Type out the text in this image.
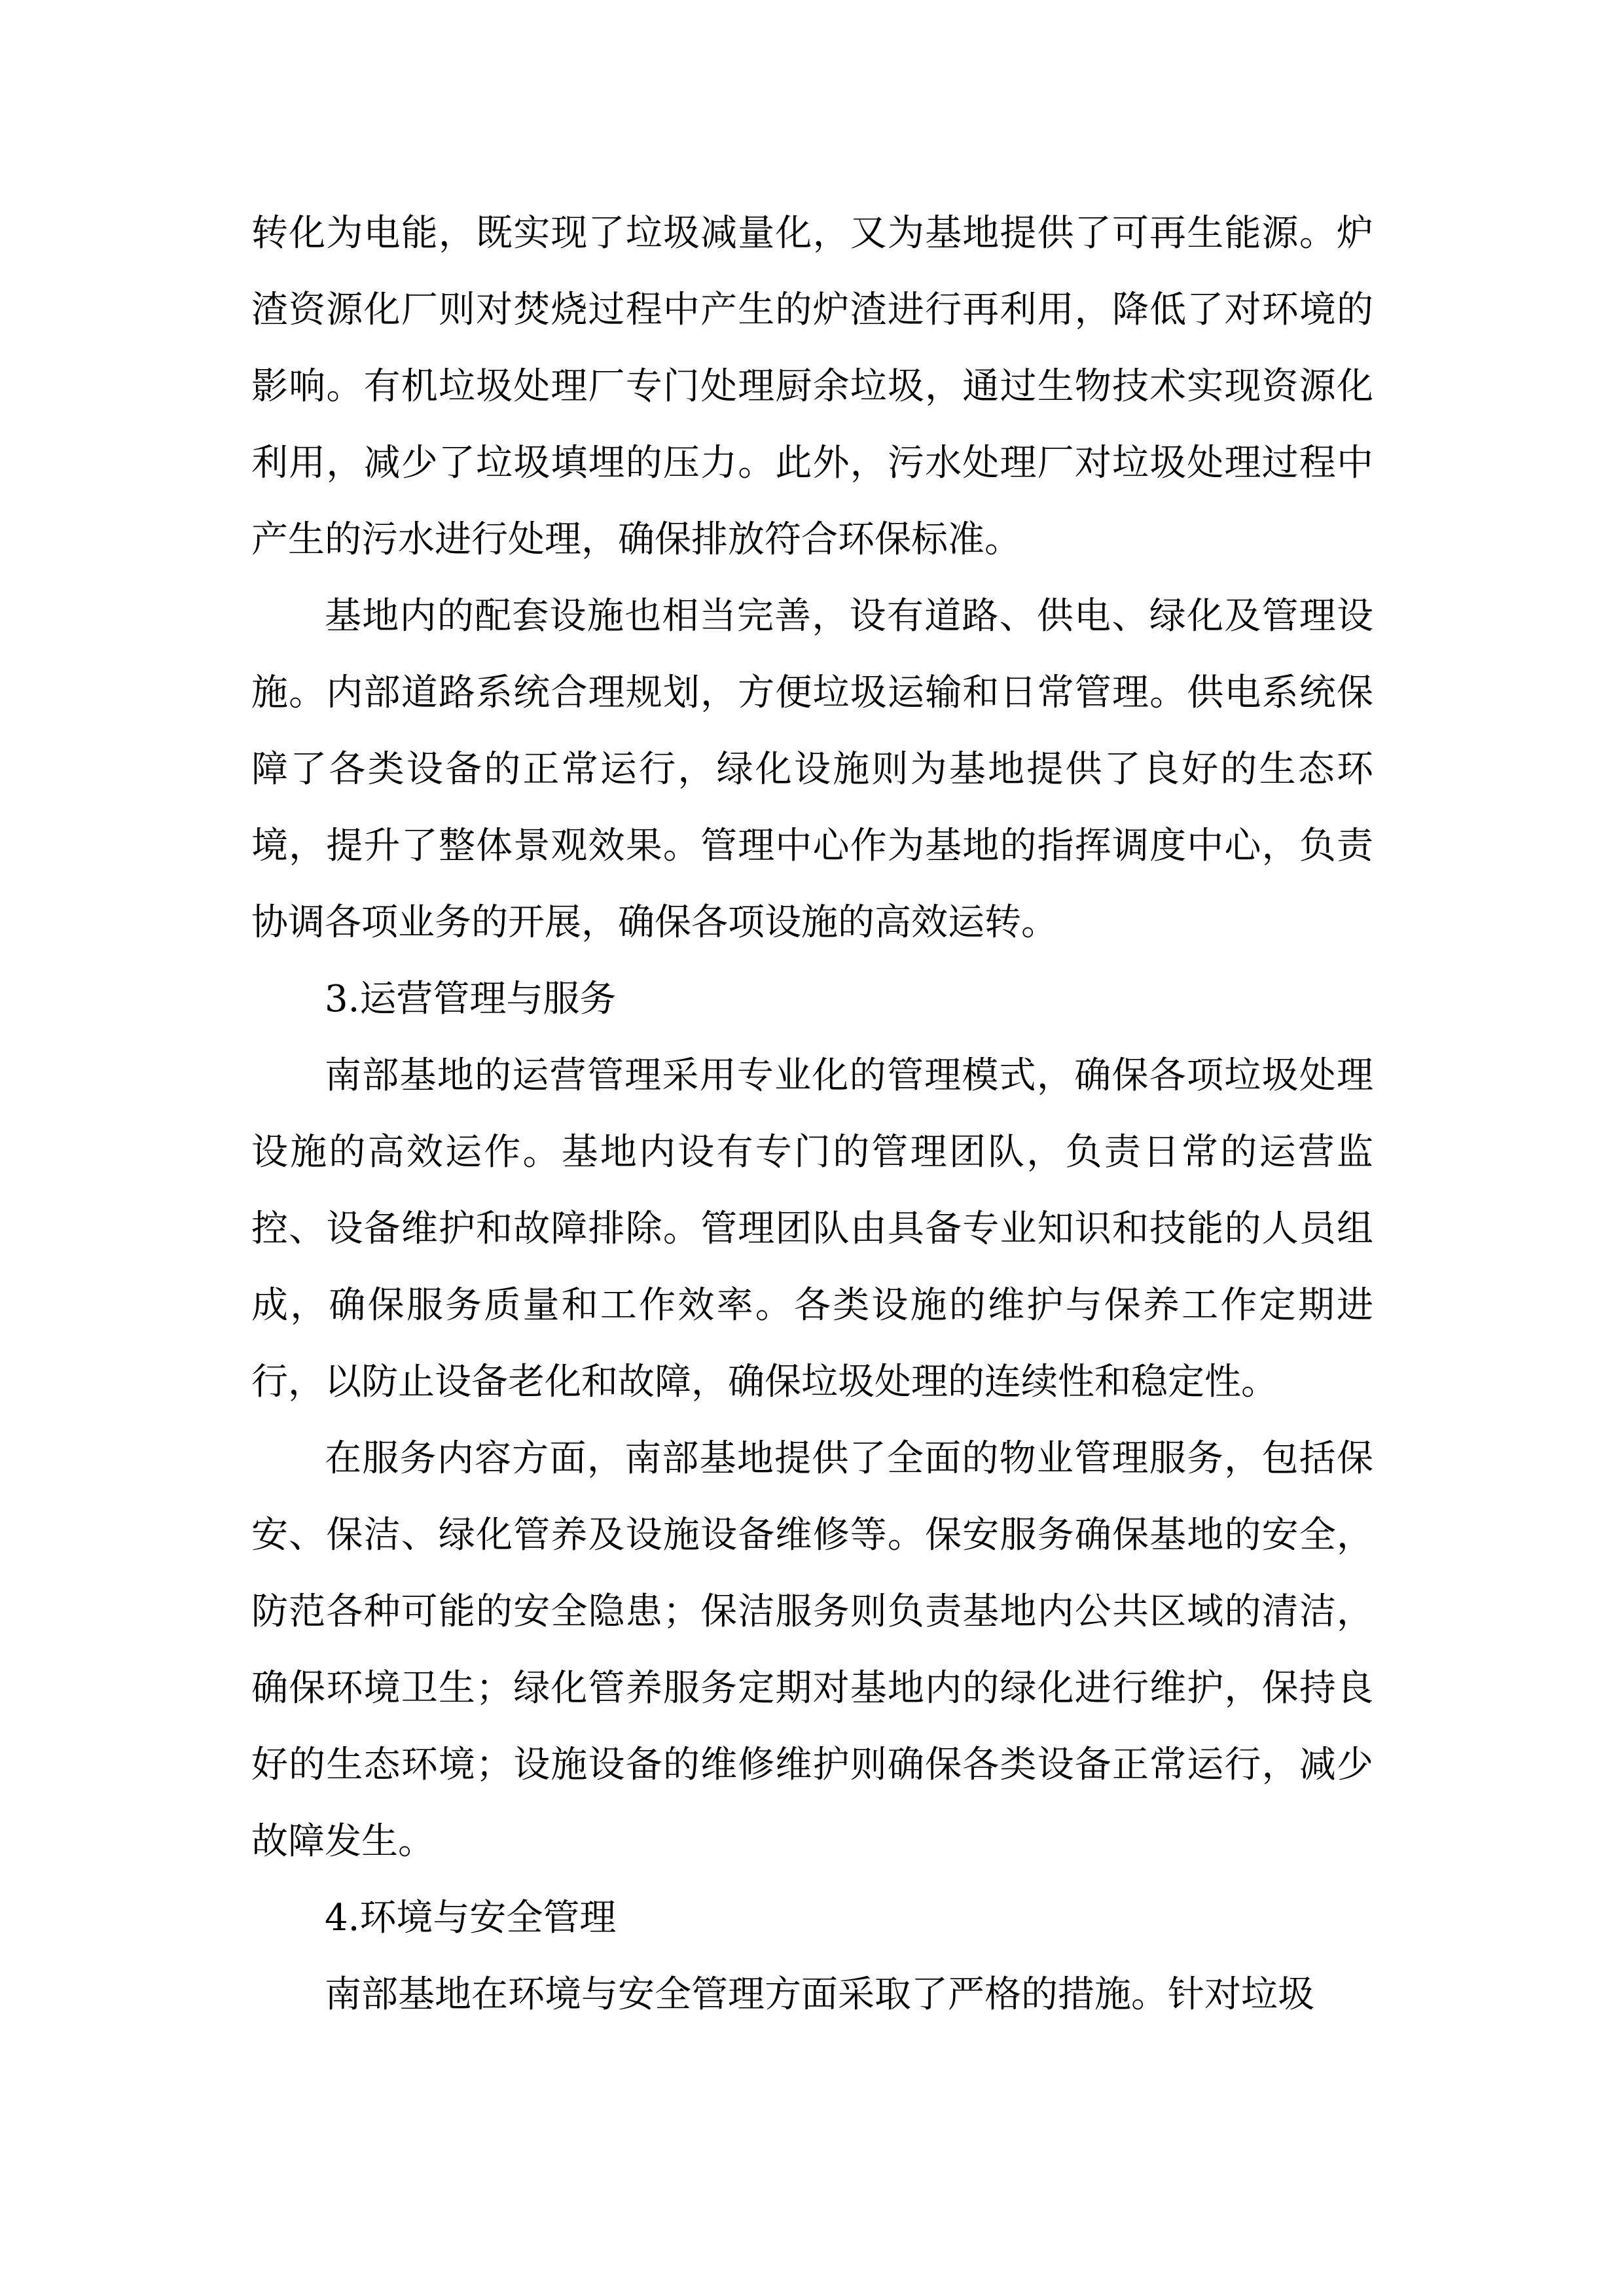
转化为电能，既实现了垃圾减量化，又为基地提供了可再生能源。炉渣资源化厂则对焚烧过程中产生的炉渣进行再利用，降低了对环境的影响。有机垃圾处理厂专门处理厨余垃圾，通过生物技术实现资源化利用，减少了垃圾填埋的压力。此外，污水处理厂对垃圾处理过程中产生的污水进行处理，确保排放符合环保标准。

基地内的配套设施也相当完善，设有道路、供电、绿化及管理设施。内部道路系统合理规划，方便垃圾运输和日常管理。供电系统保障了各类设备的正常运行，绿化设施则为基地提供了良好的生态环境，提升了整体景观效果。管理中心作为基地的指挥调度中心，负责协调各项业务的开展，确保各项设施的高效运转。

3.运营管理与服务

南部基地的运营管理采用专业化的管理模式，确保各项垃圾处理设施的高效运作。基地内设有专门的管理团队，负责日常的运营监控、设备维护和故障排除。管理团队由具备专业知识和技能的人员组成，确保服务质量和工作效率。各类设施的维护与保养工作定期进行，以防止设备老化和故障，确保垃圾处理的连续性和稳定性。

在服务内容方面，南部基地提供了全面的物业管理服务，包括保安、保洁、绿化管养及设施设备维修等。保安服务确保基地的安全，防范各种可能的安全隐患；保洁服务则负责基地内公共区域的清洁，确保环境卫生；绿化管养服务定期对基地内的绿化进行维护，保持良好的生态环境；设施设备的维修维护则确保各类设备正常运行，减少故障发生。

4.环境与安全管理

南部基地在环境与安全管理方面采取了严格的措施。针对垃圾
